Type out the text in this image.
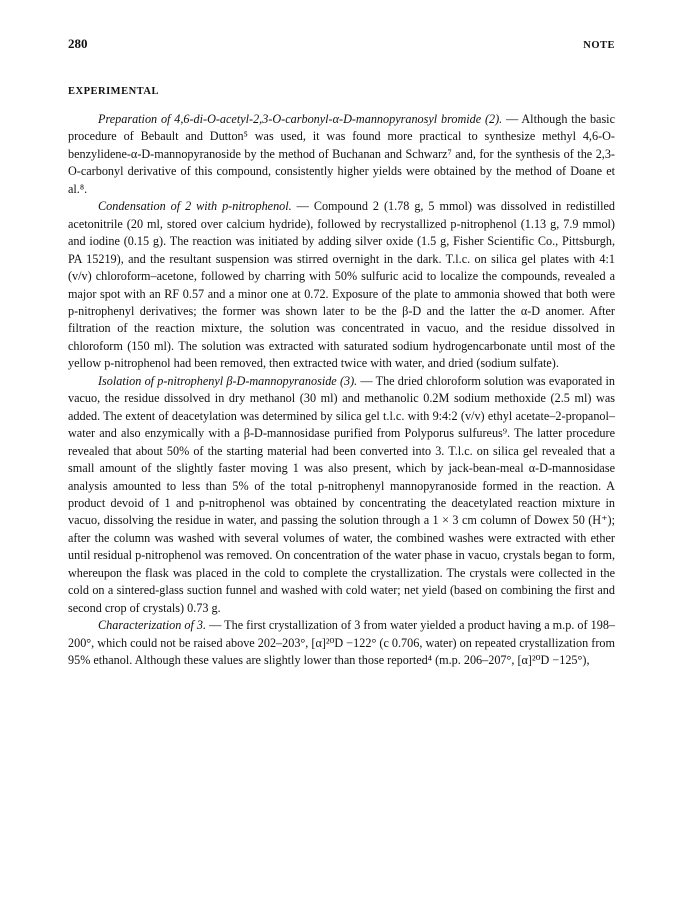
280	NOTE
EXPERIMENTAL

Preparation of 4,6-di-O-acetyl-2,3-O-carbonyl-α-D-mannopyranosyl bromide (2). — Although the basic procedure of Bebault and Dutton⁵ was used, it was found more practical to synthesize methyl 4,6-O-benzylidene-α-D-mannopyranoside by the method of Buchanan and Schwarz⁷ and, for the synthesis of the 2,3-O-carbonyl derivative of this compound, consistently higher yields were obtained by the method of Doane et al.⁸.

Condensation of 2 with p-nitrophenol. — Compound 2 (1.78 g, 5 mmol) was dissolved in redistilled acetonitrile (20 ml, stored over calcium hydride), followed by recrystallized p-nitrophenol (1.13 g, 7.9 mmol) and iodine (0.15 g). The reaction was initiated by adding silver oxide (1.5 g, Fisher Scientific Co., Pittsburgh, PA 15219), and the resultant suspension was stirred overnight in the dark. T.l.c. on silica gel plates with 4:1 (v/v) chloroform–acetone, followed by charring with 50% sulfuric acid to localize the compounds, revealed a major spot with an RF 0.57 and a minor one at 0.72. Exposure of the plate to ammonia showed that both were p-nitrophenyl derivatives; the former was shown later to be the β-D and the latter the α-D anomer. After filtration of the reaction mixture, the solution was concentrated in vacuo, and the residue dissolved in chloroform (150 ml). The solution was extracted with saturated sodium hydrogencarbonate until most of the yellow p-nitrophenol had been removed, then extracted twice with water, and dried (sodium sulfate).

Isolation of p-nitrophenyl β-D-mannopyranoside (3). — The dried chloroform solution was evaporated in vacuo, the residue dissolved in dry methanol (30 ml) and methanolic 0.2M sodium methoxide (2.5 ml) was added. The extent of deacetylation was determined by silica gel t.l.c. with 9:4:2 (v/v) ethyl acetate–2-propanol–water and also enzymically with a β-D-mannosidase purified from Polyporus sulfureus⁹. The latter procedure revealed that about 50% of the starting material had been converted into 3. T.l.c. on silica gel revealed that a small amount of the slightly faster moving 1 was also present, which by jack-bean-meal α-D-mannosidase analysis amounted to less than 5% of the total p-nitrophenyl mannopyranoside formed in the reaction. A product devoid of 1 and p-nitrophenol was obtained by concentrating the deacetylated reaction mixture in vacuo, dissolving the residue in water, and passing the solution through a 1 × 3 cm column of Dowex 50 (H⁺); after the column was washed with several volumes of water, the combined washes were extracted with ether until residual p-nitrophenol was removed. On concentration of the water phase in vacuo, crystals began to form, whereupon the flask was placed in the cold to complete the crystallization. The crystals were collected in the cold on a sintered-glass suction funnel and washed with cold water; net yield (based on combining the first and second crop of crystals) 0.73 g.

Characterization of 3. — The first crystallization of 3 from water yielded a product having a m.p. of 198–200°, which could not be raised above 202–203°, [α]²⁰D −122° (c 0.706, water) on repeated crystallization from 95% ethanol. Although these values are slightly lower than those reported⁴ (m.p. 206–207°, [α]²⁰D −125°),
